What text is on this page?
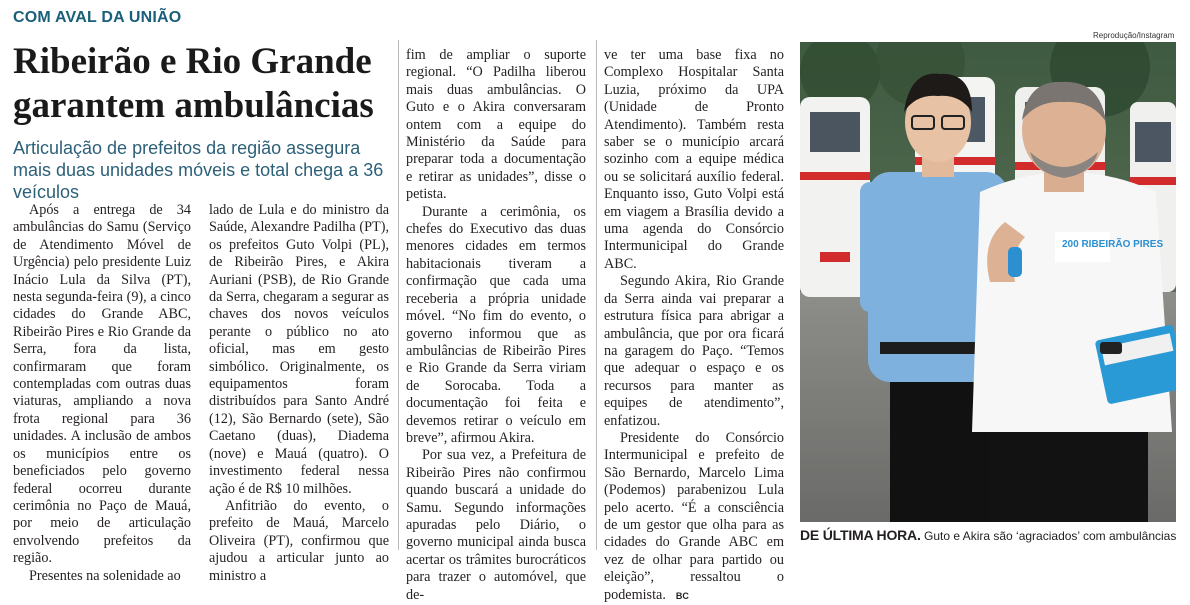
COM AVAL DA UNIÃO
Ribeirão e Rio Grande garantem ambulâncias

Articulação de prefeitos da região assegura mais duas unidades móveis e total chega a 36 veículos

Após a entrega de 34 ambulâncias do Samu (Serviço de Atendimento Móvel de Urgência) pelo presidente Luiz Inácio Lula da Silva (PT), nesta segunda-feira (9), a cinco cidades do Grande ABC, Ribeirão Pires e Rio Grande da Serra, fora da lista, confirmaram que foram contempladas com outras duas viaturas, ampliando a nova frota regional para 36 unidades. A inclusão de ambos os municípios entre os beneficiados pelo governo federal ocorreu durante cerimônia no Paço de Mauá, por meio de articulação envolvendo prefeitos da região.

Presentes na solenidade ao

lado de Lula e do ministro da Saúde, Alexandre Padilha (PT), os prefeitos Guto Volpi (PL), de Ribeirão Pires, e Akira Auriani (PSB), de Rio Grande da Serra, chegaram a segurar as chaves dos novos veículos perante o público no ato oficial, mas em gesto simbólico. Originalmente, os equipamentos foram distribuídos para Santo André (12), São Bernardo (sete), São Caetano (duas), Diadema (nove) e Mauá (quatro). O investimento federal nessa ação é de R$ 10 milhões.

Anfitrião do evento, o prefeito de Mauá, Marcelo Oliveira (PT), confirmou que ajudou a articular junto ao ministro a

fim de ampliar o suporte regional. “O Padilha liberou mais duas ambulâncias. O Guto e o Akira conversaram ontem com a equipe do Ministério da Saúde para preparar toda a documentação e retirar as unidades”, disse o petista.

Durante a cerimônia, os chefes do Executivo das duas menores cidades em termos habitacionais tiveram a confirmação que cada uma receberia a própria unidade móvel. “No fim do evento, o governo informou que as ambulâncias de Ribeirão Pires e Rio Grande da Serra viriam de Sorocaba. Toda a documentação foi feita e devemos retirar o veículo em breve”, afirmou Akira.

Por sua vez, a Prefeitura de Ribeirão Pires não confirmou quando buscará a unidade do Samu. Segundo informações apuradas pelo Diário, o governo municipal ainda busca acertar os trâmites burocráticos para trazer o automóvel, que de-

ve ter uma base fixa no Complexo Hospitalar Santa Luzia, próximo da UPA (Unidade de Pronto Atendimento). Também resta saber se o município arcará sozinho com a equipe médica ou se solicitará auxílio federal. Enquanto isso, Guto Volpi está em viagem a Brasília devido a uma agenda do Consórcio Intermunicipal do Grande ABC.

Segundo Akira, Rio Grande da Serra ainda vai preparar a estrutura física para abrigar a ambulância, que por ora ficará na garagem do Paço. “Temos que adequar o espaço e os recursos para manter as equipes de atendimento”, enfatizou.

Presidente do Consórcio Intermunicipal e prefeito de São Bernardo, Marcelo Lima (Podemos) parabenizou Lula pelo acerto. “É a consciência de um gestor que olha para as cidades do Grande ABC em vez de olhar para partido ou eleição”, ressaltou o podemista. BC

Reprodução/Instagram
200 RIBEIRÃO PIRES
DE ÚLTIMA HORA. Guto e Akira são ‘agraciados’ com ambulâncias
